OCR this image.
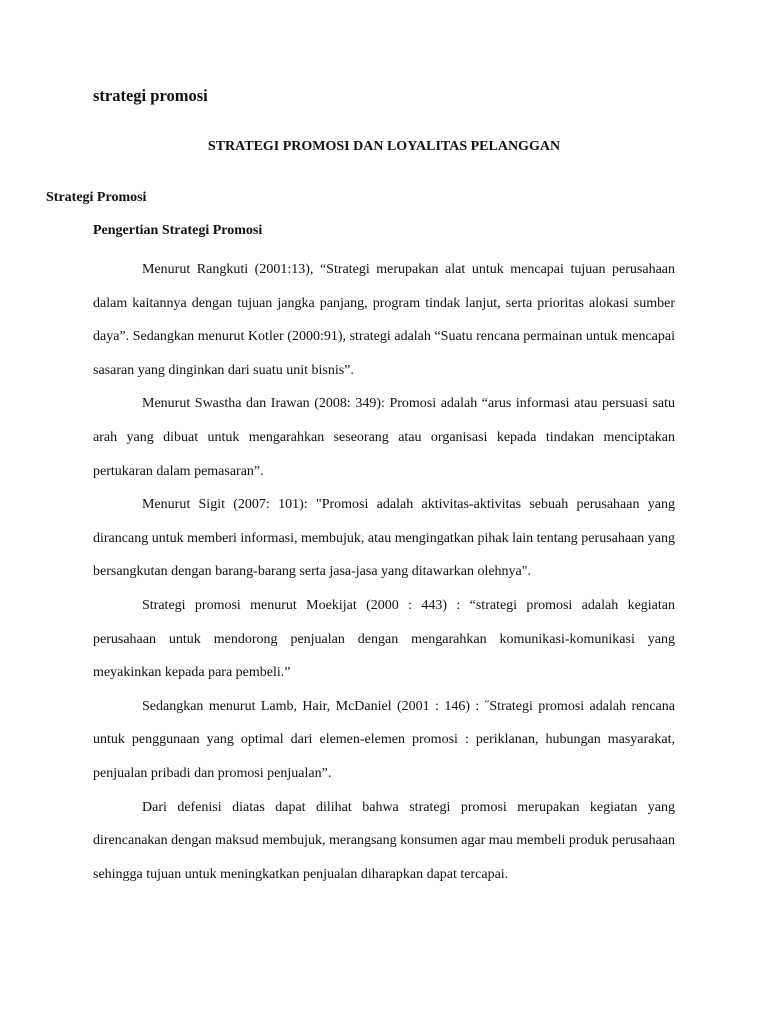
strategi promosi
STRATEGI PROMOSI DAN LOYALITAS PELANGGAN
Strategi Promosi
Pengertian Strategi Promosi

Menurut Rangkuti (2001:13), “Strategi merupakan alat untuk mencapai tujuan perusahaan dalam kaitannya dengan tujuan jangka panjang, program tindak lanjut, serta prioritas alokasi sumber daya”. Sedangkan menurut Kotler (2000:91), strategi adalah “Suatu rencana permainan untuk mencapai sasaran yang dinginkan dari suatu unit bisnis”.

Menurut Swastha dan Irawan (2008: 349): Promosi adalah “arus informasi atau persuasi satu arah yang dibuat untuk mengarahkan seseorang atau organisasi kepada tindakan menciptakan pertukaran dalam pemasaran”.

Menurut Sigit (2007: 101): "Promosi adalah aktivitas-aktivitas sebuah perusahaan yang dirancang untuk memberi informasi, membujuk, atau mengingatkan pihak lain tentang perusahaan yang bersangkutan dengan barang-barang serta jasa-jasa yang ditawarkan olehnya".

Strategi promosi menurut Moekijat (2000 : 443) : “strategi promosi adalah kegiatan perusahaan untuk mendorong penjualan dengan mengarahkan komunikasi-komunikasi yang meyakinkan kepada para pembeli.”

Sedangkan menurut Lamb, Hair, McDaniel (2001 : 146) : ˝Strategi promosi adalah rencana untuk penggunaan yang optimal dari elemen-elemen promosi : periklanan, hubungan masyarakat, penjualan pribadi dan promosi penjualan”.

Dari defenisi diatas dapat dilihat bahwa strategi promosi merupakan kegiatan yang direncanakan dengan maksud membujuk, merangsang konsumen agar mau membeli produk perusahaan sehingga tujuan untuk meningkatkan penjualan diharapkan dapat tercapai.
